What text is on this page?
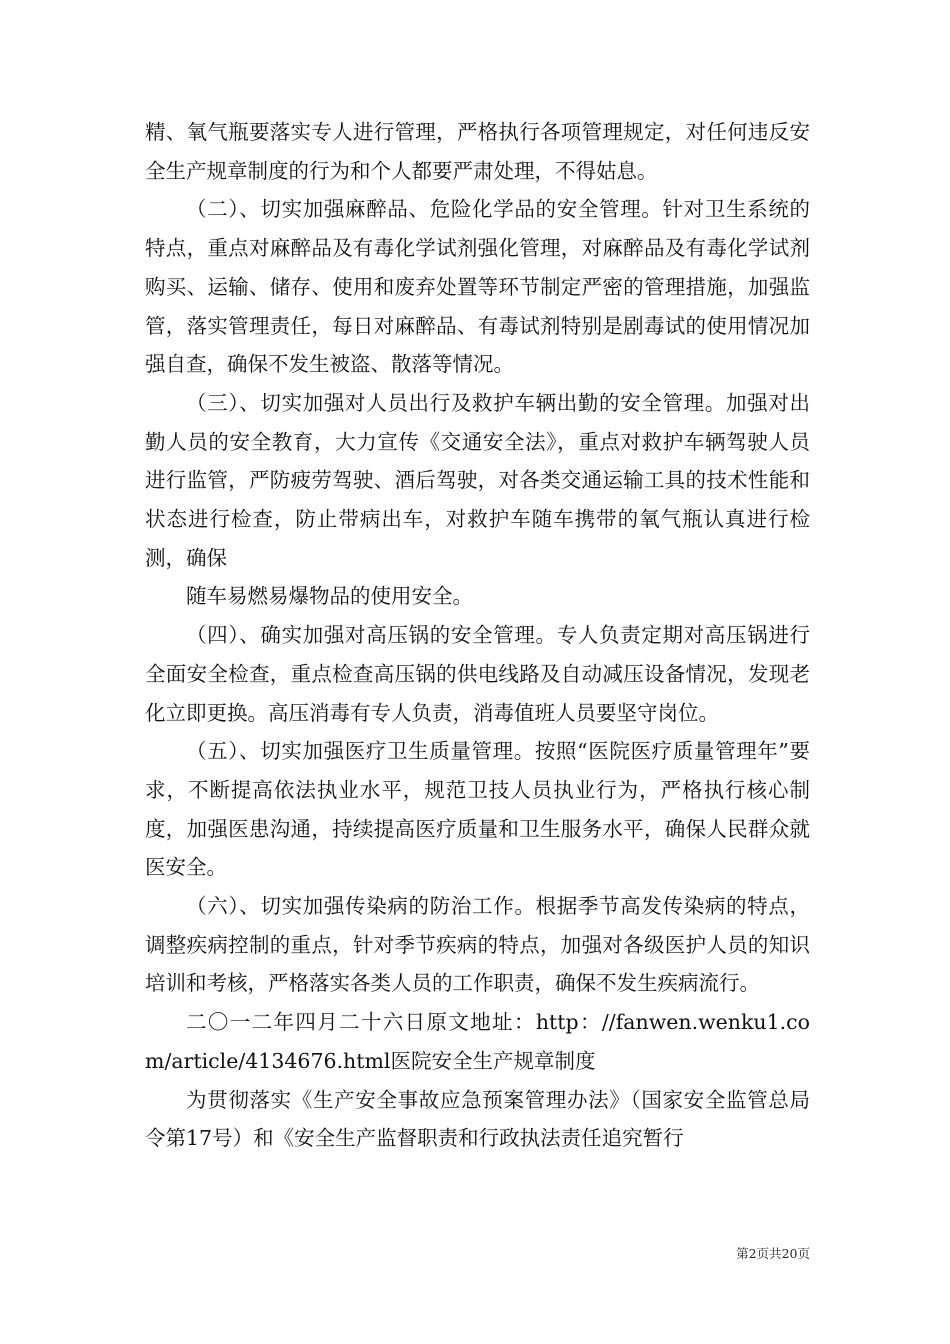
精、氧气瓶要落实专人进行管理，严格执行各项管理规定，对任何违反安全生产规章制度的行为和个人都要严肃处理，不得姑息。

（二）、切实加强麻醉品、危险化学品的安全管理。针对卫生系统的特点，重点对麻醉品及有毒化学试剂强化管理，对麻醉品及有毒化学试剂购买、运输、储存、使用和废弃处置等环节制定严密的管理措施，加强监管，落实管理责任，每日对麻醉品、有毒试剂特别是剧毒试的使用情况加强自查，确保不发生被盗、散落等情况。

（三）、切实加强对人员出行及救护车辆出勤的安全管理。加强对出勤人员的安全教育，大力宣传《交通安全法》，重点对救护车辆驾驶人员进行监管，严防疲劳驾驶、酒后驾驶，对各类交通运输工具的技术性能和状态进行检查，防止带病出车，对救护车随车携带的氧气瓶认真进行检测，确保

随车易燃易爆物品的使用安全。

（四）、确实加强对高压锅的安全管理。专人负责定期对高压锅进行全面安全检查，重点检查高压锅的供电线路及自动减压设备情况，发现老化立即更换。高压消毒有专人负责，消毒值班人员要坚守岗位。

（五）、切实加强医疗卫生质量管理。按照“医院医疗质量管理年”要求，不断提高依法执业水平，规范卫技人员执业行为，严格执行核心制度，加强医患沟通，持续提高医疗质量和卫生服务水平，确保人民群众就医安全。

（六）、切实加强传染病的防治工作。根据季节高发传染病的特点，调整疾病控制的重点，针对季节疾病的特点，加强对各级医护人员的知识培训和考核，严格落实各类人员的工作职责，确保不发生疾病流行。

二〇一二年四月二十六日原文地址：http：//fanwen.wenku1.com/article/4134676.html医院安全生产规章制度

为贯彻落实《生产安全事故应急预案管理办法》（国家安全监管总局令第17号）和《安全生产监督职责和行政执法责任追究暂行

第2页共20页
